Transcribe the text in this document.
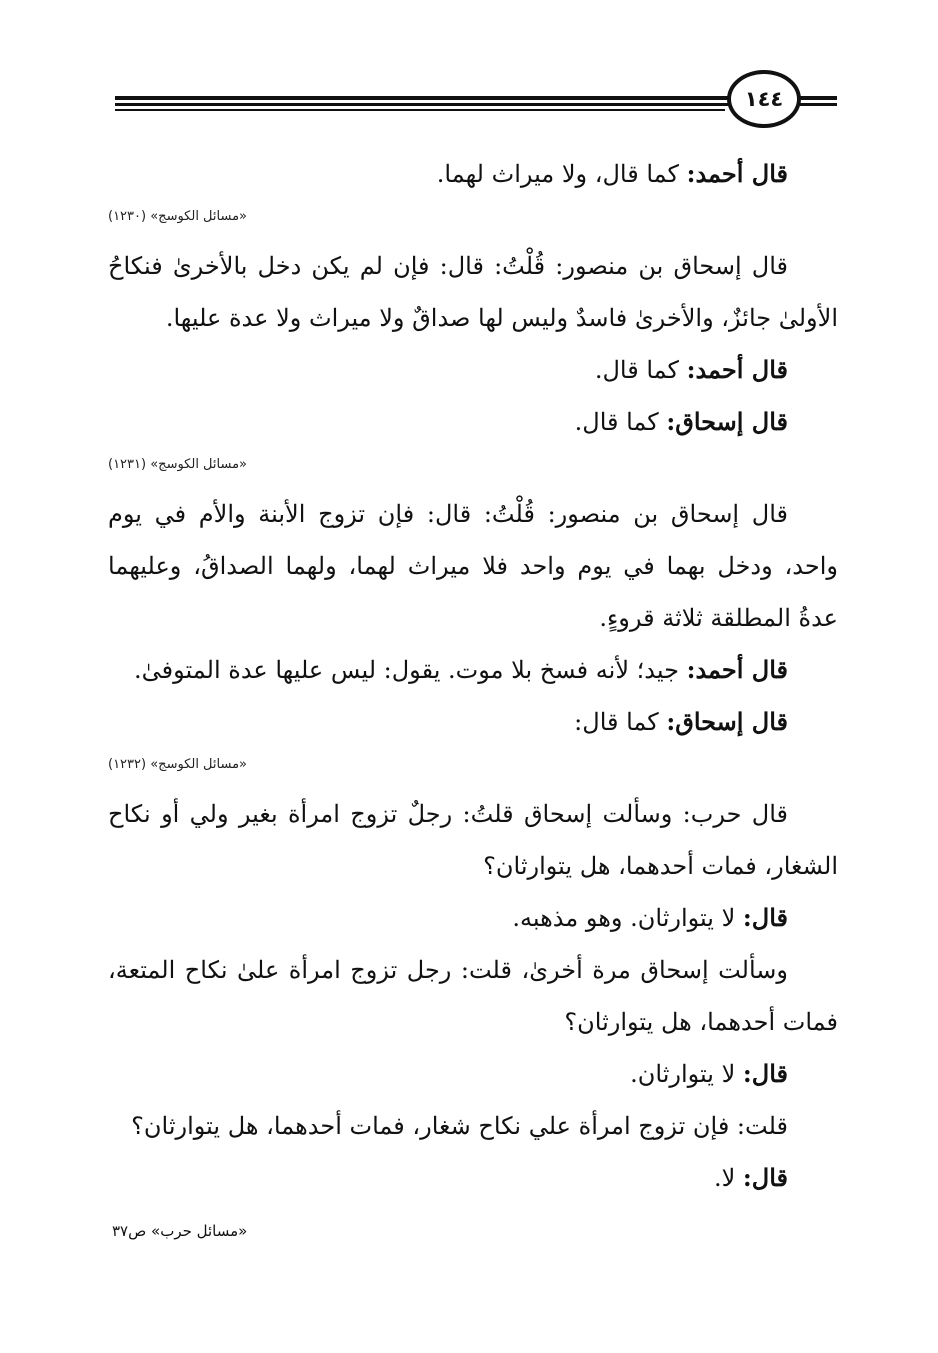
١٤٤

قال أحمد: كما قال، ولا ميراث لهما.

«مسائل الكوسج» (١٢٣٠)

قال إسحاق بن منصور: قُلْتُ: قال: فإن لم يكن دخل بالأخرىٰ فنكاحُ الأولىٰ جائزٌ، والأخرىٰ فاسدٌ وليس لها صداقٌ ولا ميراث ولا عدة عليها.

قال أحمد: كما قال.

قال إسحاق: كما قال.

«مسائل الكوسج» (١٢٣١)

قال إسحاق بن منصور: قُلْتُ: قال: فإن تزوج الأبنة والأم في يوم واحد، ودخل بهما في يوم واحد فلا ميراث لهما، ولهما الصداقُ، وعليهما عدةُ المطلقة ثلاثة قروءٍ.

قال أحمد: جيد؛ لأنه فسخ بلا موت. يقول: ليس عليها عدة المتوفىٰ.

قال إسحاق: كما قال:

«مسائل الكوسج» (١٢٣٢)

قال حرب: وسألت إسحاق قلتُ: رجلٌ تزوج امرأة بغير ولي أو نكاح الشغار، فمات أحدهما، هل يتوارثان؟

قال: لا يتوارثان. وهو مذهبه.

وسألت إسحاق مرة أخرىٰ، قلت: رجل تزوج امرأة علىٰ نكاح المتعة، فمات أحدهما، هل يتوارثان؟

قال: لا يتوارثان.

قلت: فإن تزوج امرأة علي نكاح شغار، فمات أحدهما، هل يتوارثان؟

قال: لا.

«مسائل حرب» ص٣٧
